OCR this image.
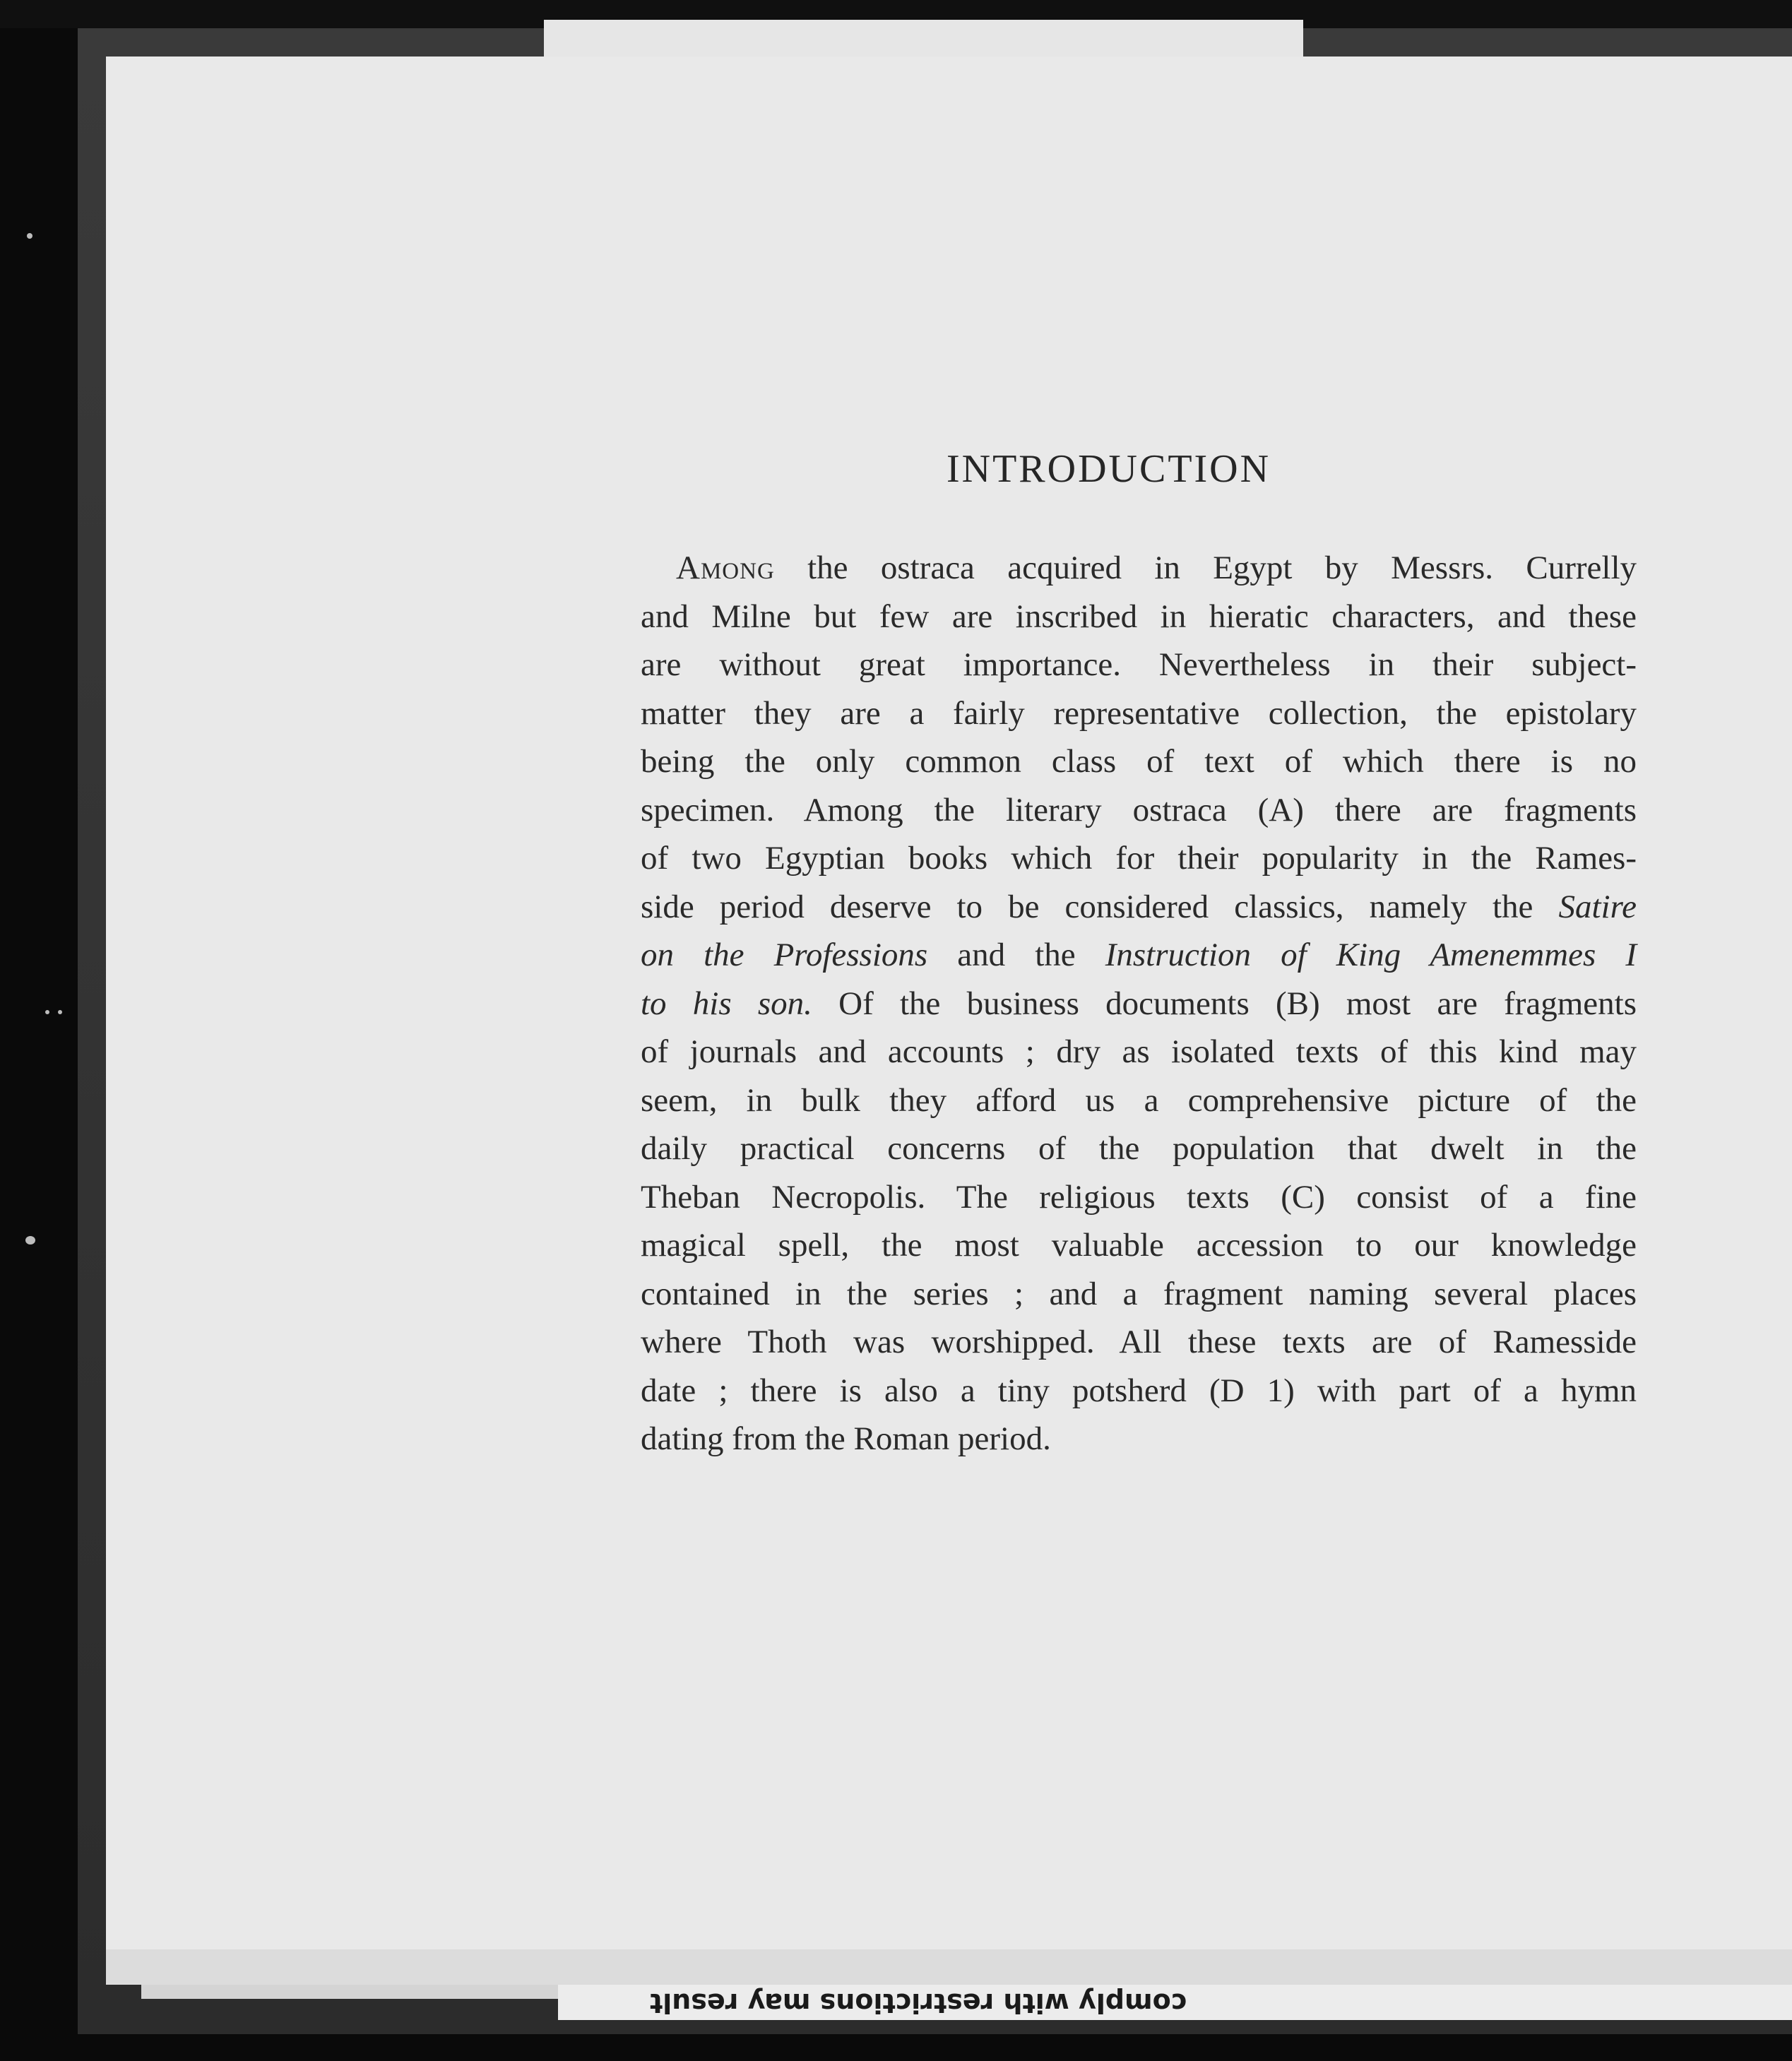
comply with restrictions may result
INTRODUCTION
Among the ostraca acquired in Egypt by Messrs. Currelly
and Milne but few are inscribed in hieratic characters, and these
are without great importance. Nevertheless in their subject-
matter they are a fairly representative collection, the epistolary
being the only common class of text of which there is no
specimen. Among the literary ostraca (A) there are fragments
of two Egyptian books which for their popularity in the Rames-
side period deserve to be considered classics, namely the Satire
on the Professions and the Instruction of King Amenemmes I
to his son. Of the business documents (B) most are fragments
of journals and accounts ; dry as isolated texts of this kind may
seem, in bulk they afford us a comprehensive picture of the
daily practical concerns of the population that dwelt in the
Theban Necropolis. The religious texts (C) consist of a fine
magical spell, the most valuable accession to our knowledge
contained in the series ; and a fragment naming several places
where Thoth was worshipped. All these texts are of Ramesside
date ; there is also a tiny potsherd (D 1) with part of a hymn
dating from the Roman period.
